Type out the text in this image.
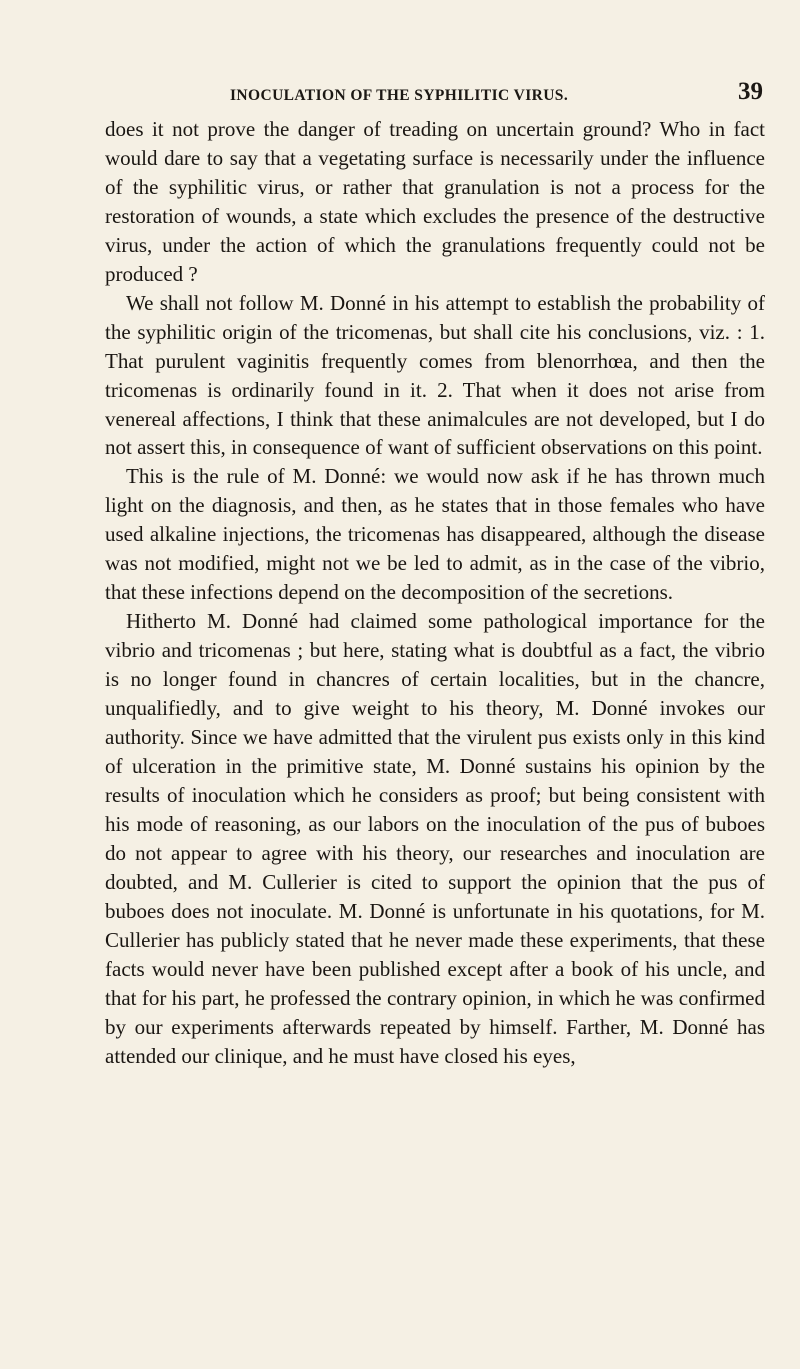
INOCULATION OF THE SYPHILITIC VIRUS.	39

does it not prove the danger of treading on uncertain ground? Who in fact would dare to say that a vegetating surface is necessarily under the influence of the syphilitic virus, or rather that granulation is not a process for the restoration of wounds, a state which excludes the presence of the destructive virus, under the action of which the granulations frequently could not be produced ?

We shall not follow M. Donné in his attempt to establish the probability of the syphilitic origin of the tricomenas, but shall cite his conclusions, viz. : 1. That purulent vaginitis frequently comes from blenorrhœa, and then the tricomenas is ordinarily found in it. 2. That when it does not arise from venereal affections, I think that these animalcules are not developed, but I do not assert this, in consequence of want of sufficient observations on this point.

This is the rule of M. Donné: we would now ask if he has thrown much light on the diagnosis, and then, as he states that in those females who have used alkaline injections, the tricomenas has disappeared, although the disease was not modified, might not we be led to admit, as in the case of the vibrio, that these infections depend on the decomposition of the secretions.

Hitherto M. Donné had claimed some pathological importance for the vibrio and tricomenas ; but here, stating what is doubtful as a fact, the vibrio is no longer found in chancres of certain localities, but in the chancre, unqualifiedly, and to give weight to his theory, M. Donné invokes our authority. Since we have admitted that the virulent pus exists only in this kind of ulceration in the primitive state, M. Donné sustains his opinion by the results of inoculation which he considers as proof; but being consistent with his mode of reasoning, as our labors on the inoculation of the pus of buboes do not appear to agree with his theory, our researches and inoculation are doubted, and M. Cullerier is cited to support the opinion that the pus of buboes does not inoculate. M. Donné is unfortunate in his quotations, for M. Cullerier has publicly stated that he never made these experiments, that these facts would never have been published except after a book of his uncle, and that for his part, he professed the contrary opinion, in which he was confirmed by our experiments afterwards repeated by himself. Farther, M. Donné has attended our clinique, and he must have closed his eyes,
